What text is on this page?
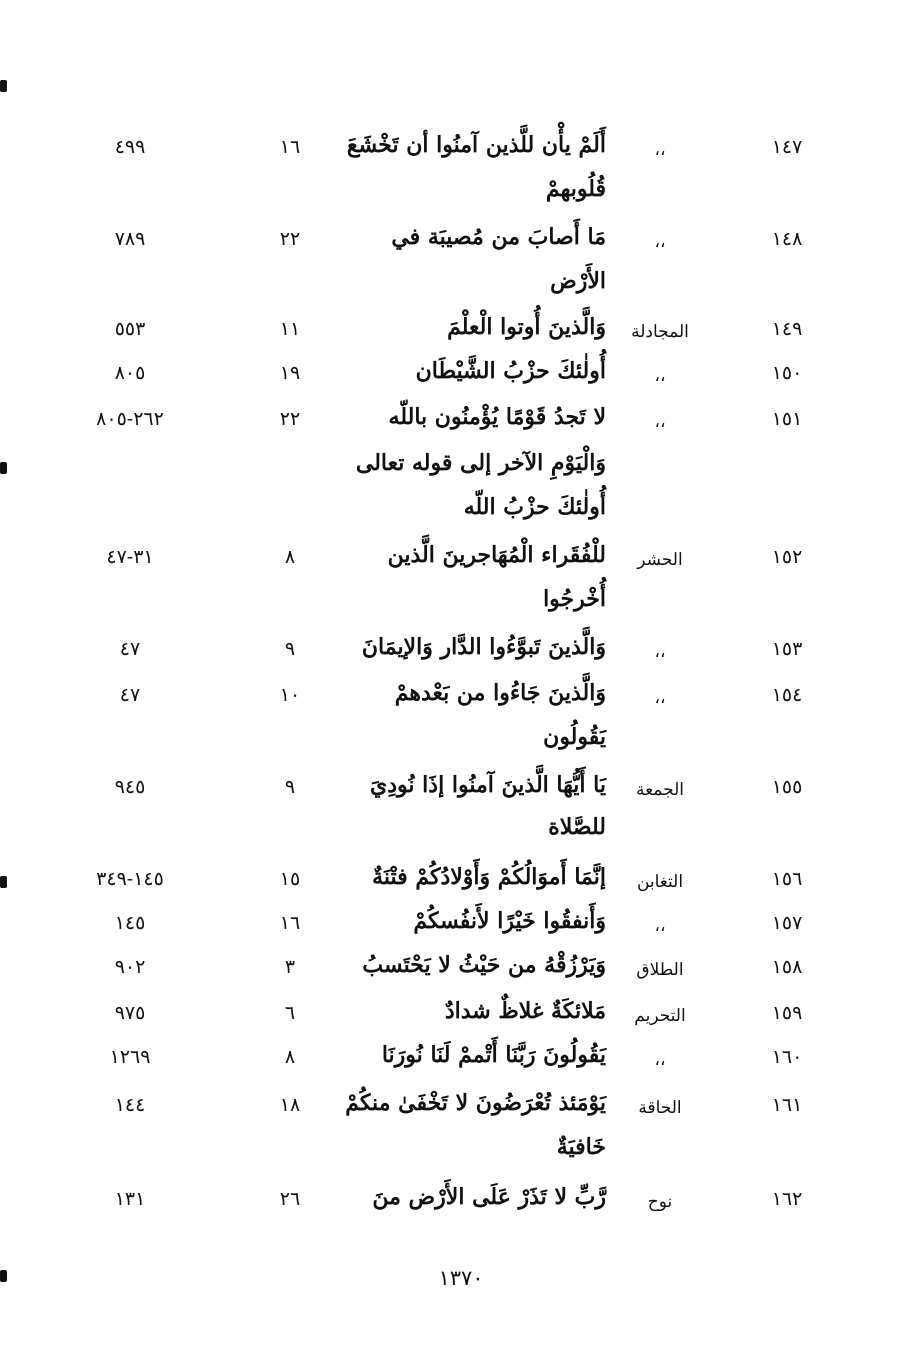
١٤٧
،،
أَلَمْ يأْن للَّذين آمنُوا أن تَخْشَعَ
١٦
٤٩٩
قُلُوبهمْ
١٤٨
،،
مَا أَصابَ من مُصيبَة في
٢٢
٧٨٩
الأَرْض
١٤٩
المجادلة
وَالَّذينَ أُوتوا الْعلْمَ
١١
٥٥٣
١٥٠
،،
أُولٰئكَ حزْبُ الشَّيْطَان
١٩
٨٠٥
١٥١
،،
لا تَجدُ قَوْمًا يُؤْمنُون باللّه
٢٢
٢٦٢-٨٠٥
وَالْيَوْمِ الآخر إلى قوله تعالى
أُولٰئكَ حزْبُ اللّه
١٥٢
الحشر
للْفُقَراء الْمُهَاجرينَ الَّذين
٨
٣١-٤٧
أُخْرجُوا
١٥٣
،،
وَالَّذينَ تَبوَّءُوا الدَّار وَالإيمَانَ
٩
٤٧
١٥٤
،،
وَالَّذينَ جَاءُوا من بَعْدهمْ
١٠
٤٧
يَقُولُون
١٥٥
الجمعة
يَا أَيُّهَا الَّذينَ آمنُوا إذَا نُودِيَ
٩
٩٤٥
للصَّلاة
١٥٦
التغابن
إنَّمَا أَموَالُكُمْ وَأَوْلادُكُمْ فتْنَةٌ
١٥
١٤٥-٣٤٩
١٥٧
،،
وَأَنفقُوا خَيْرًا لأَنفُسكُمْ
١٦
١٤٥
١٥٨
الطلاق
وَيَرْزُقْهُ من حَيْثُ لا يَحْتَسبُ
٣
٩٠٢
١٥٩
التحريم
مَلائكَةٌ غلاظٌ شدادٌ
٦
٩٧٥
١٦٠
،،
يَقُولُونَ رَبَّنَا أَتْممْ لَنَا نُورَنَا
٨
١٢٦٩
١٦١
الحاقة
يَوْمَئذ تُعْرَضُونَ لا تَخْفَىٰ منكُمْ
١٨
١٤٤
خَافيَةٌ
١٦٢
نوح
رَّبِّ لا تَذَرْ عَلَى الأَرْض منَ
٢٦
١٣١
١٣٧٠
